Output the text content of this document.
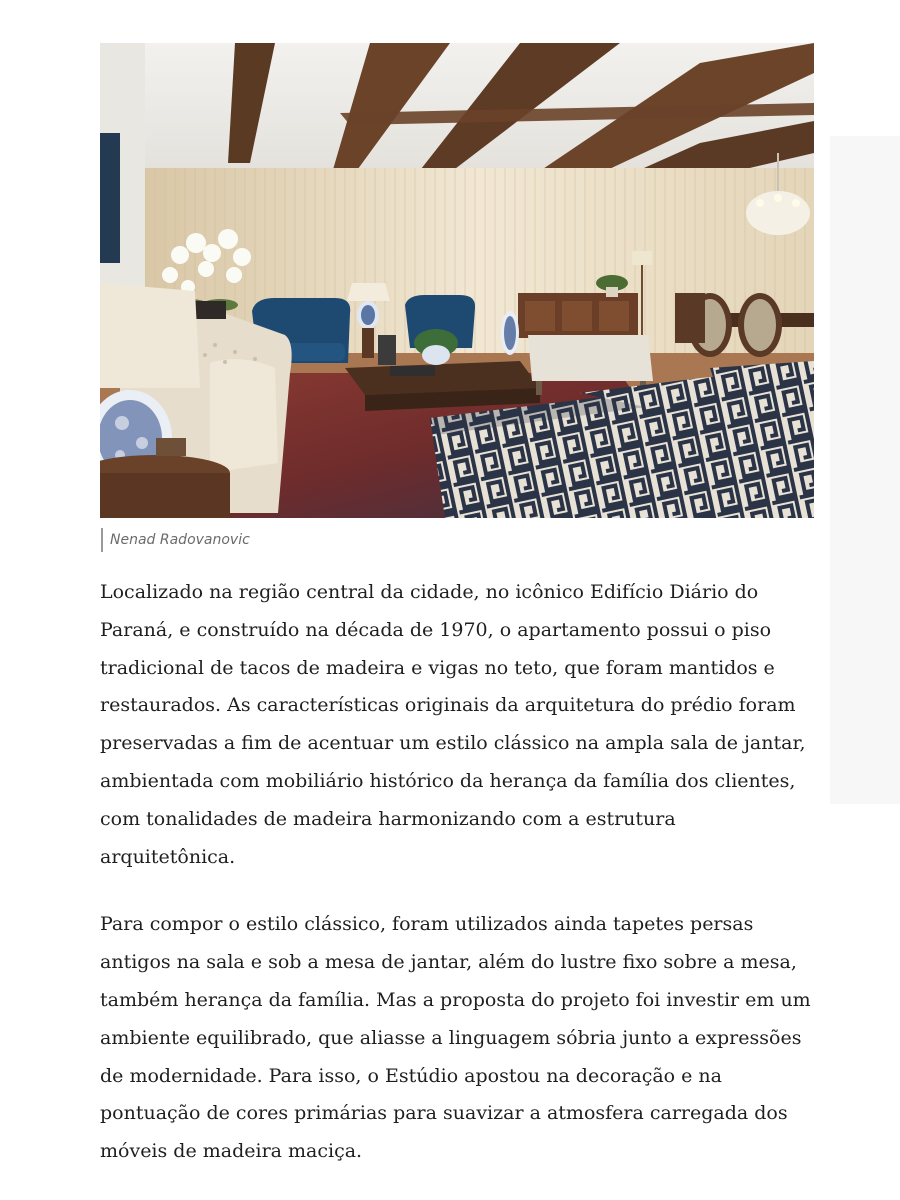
Nenad Radovanovic

Localizado na região central da cidade, no icônico Edifício Diário do Paraná, e construído na década de 1970, o apartamento possui o piso tradicional de tacos de madeira e vigas no teto, que foram mantidos e restaurados. As características originais da arquitetura do prédio foram preservadas a fim de acentuar um estilo clássico na ampla sala de jantar, ambientada com mobiliário histórico da herança da família dos clientes, com tonalidades de madeira harmonizando com a estrutura arquitetônica.

Para compor o estilo clássico, foram utilizados ainda tapetes persas antigos na sala e sob a mesa de jantar, além do lustre fixo sobre a mesa, também herança da família. Mas a proposta do projeto foi investir em um ambiente equilibrado, que aliasse a linguagem sóbria junto a expressões de modernidade. Para isso, o Estúdio apostou na decoração e na pontuação de cores primárias para suavizar a atmosfera carregada dos móveis de madeira maciça.
